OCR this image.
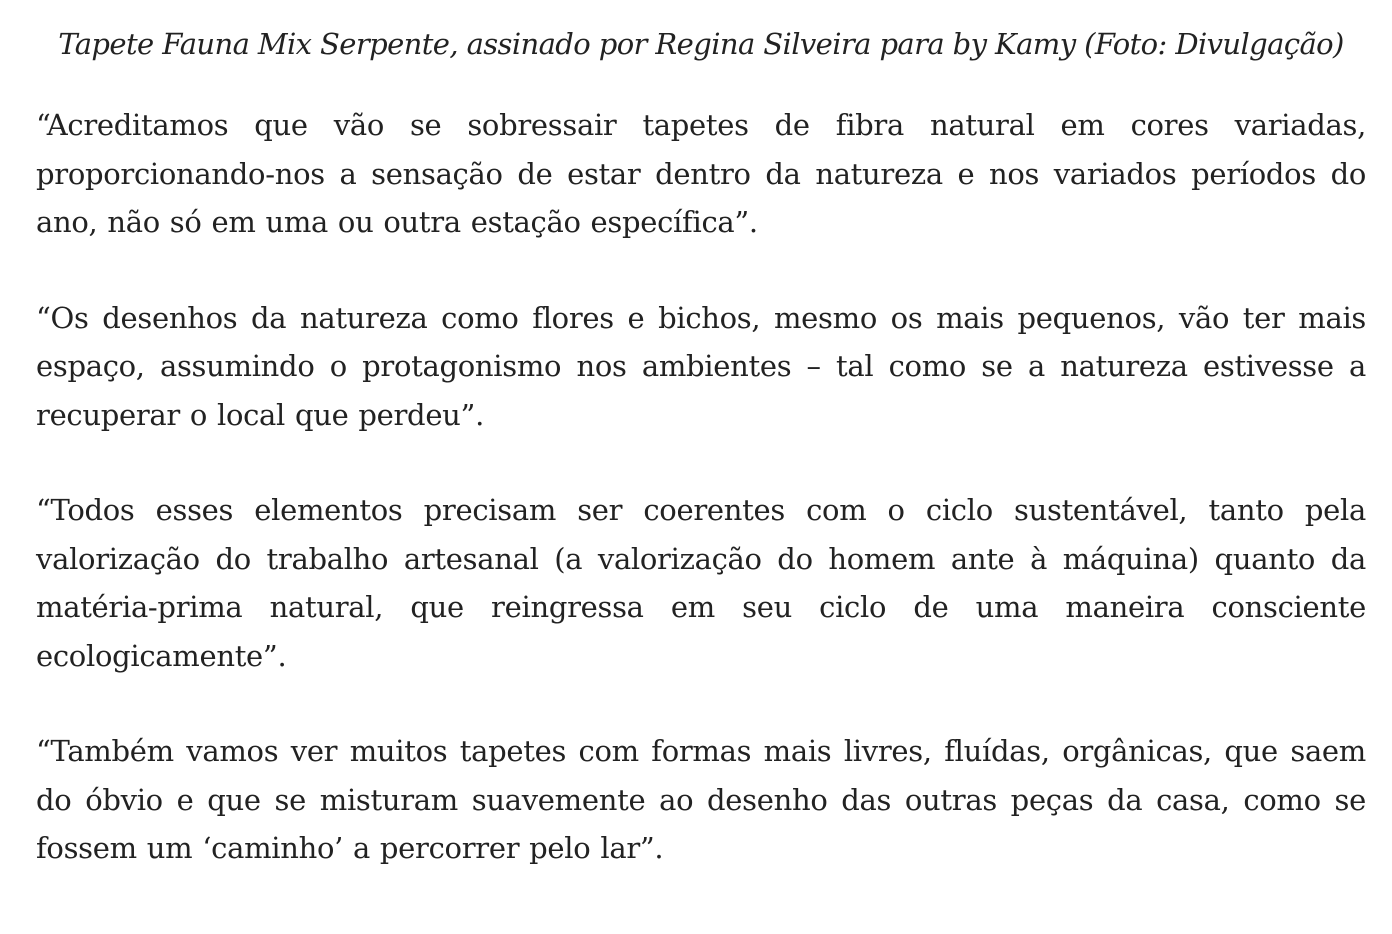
Tapete Fauna Mix Serpente, assinado por Regina Silveira para by Kamy (Foto: Divulgação)

“Acreditamos que vão se sobressair tapetes de fibra natural em cores variadas, proporcionando-nos a sensação de estar dentro da natureza e nos variados períodos do ano, não só em uma ou outra estação específica”.

“Os desenhos da natureza como flores e bichos, mesmo os mais pequenos, vão ter mais espaço, assumindo o protagonismo nos ambientes – tal como se a natureza estivesse a recuperar o local que perdeu”.

“Todos esses elementos precisam ser coerentes com o ciclo sustentável, tanto pela valorização do trabalho artesanal (a valorização do homem ante à máquina) quanto da matéria-prima natural, que reingressa em seu ciclo de uma maneira consciente ecologicamente”.

“Também vamos ver muitos tapetes com formas mais livres, fluídas, orgânicas, que saem do óbvio e que se misturam suavemente ao desenho das outras peças da casa, como se fossem um ‘caminho’ a percorrer pelo lar”.
